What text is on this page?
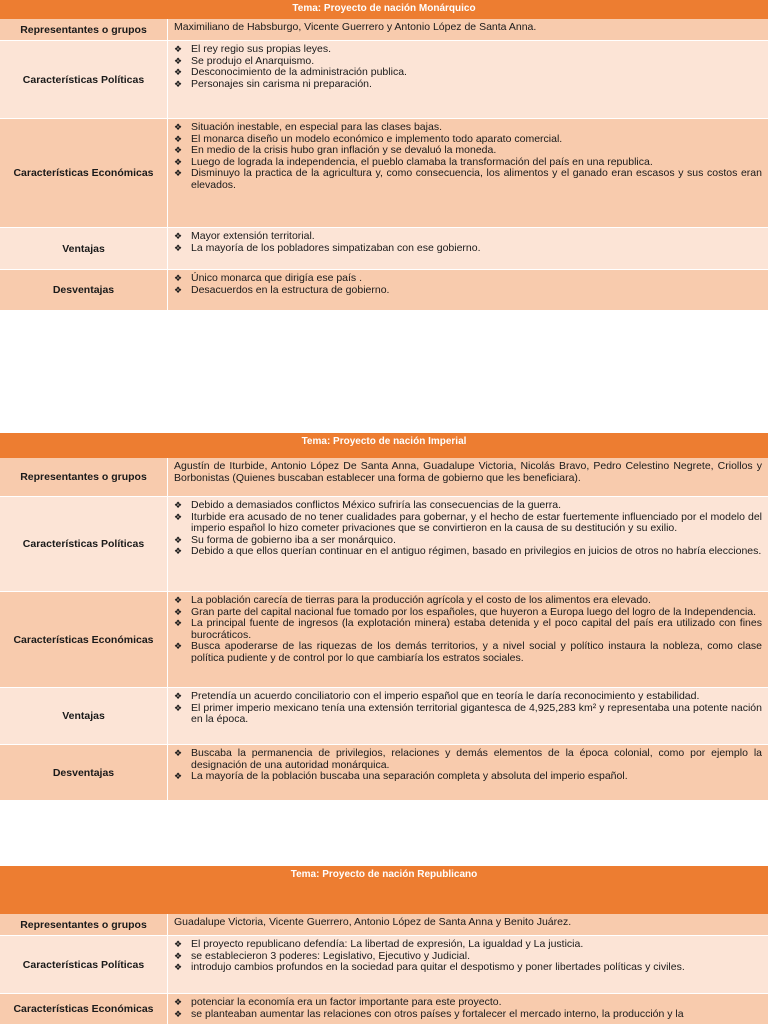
Tema: Proyecto de nación Monárquico
Representantes o grupos	Maximiliano de Habsburgo, Vicente Guerrero y Antonio López de Santa Anna.
Características Políticas
❖ El rey regio sus propias leyes.
❖ Se produjo el Anarquismo.
❖ Desconocimiento de la administración publica.
❖ Personajes sin carisma ni preparación.
Características Económicas
❖ Situación inestable, en especial para las clases bajas.
❖ El monarca diseño un modelo económico e implemento todo aparato comercial.
❖ En medio de la crisis hubo gran inflación y se devaluó la moneda.
❖ Luego de lograda la independencia, el pueblo clamaba la transformación del país en una republica.
❖ Disminuyo la practica de la agricultura y, como consecuencia, los alimentos y el ganado eran escasos y sus costos eran elevados.
Ventajas
❖ Mayor extensión territorial.
❖ La mayoría de los pobladores simpatizaban con ese gobierno.
Desventajas
❖ Único monarca que dirigía ese país .
❖ Desacuerdos en la estructura de gobierno.
Tema: Proyecto de nación Imperial
Representantes o grupos
Agustín de Iturbide, Antonio López De Santa Anna, Guadalupe Victoria, Nicolás Bravo, Pedro Celestino Negrete, Criollos y Borbonistas (Quienes buscaban establecer una forma de gobierno que les beneficiara).
Características Políticas
❖ Debido a demasiados conflictos México sufriría las consecuencias de la guerra.
❖ Iturbide era acusado de no tener cualidades para gobernar, y el hecho de estar fuertemente influenciado por el modelo del imperio español lo hizo cometer privaciones que se convirtieron en la causa de su destitución y su exilio.
❖ Su forma de gobierno iba a ser monárquico.
❖ Debido a que ellos querían continuar en el antiguo régimen, basado en privilegios en juicios de otros no habría elecciones.
Características Económicas
❖ La población carecía de tierras para la producción agrícola y el costo de los alimentos era elevado.
❖ Gran parte del capital nacional fue tomado por los españoles, que huyeron a Europa luego del logro de la Independencia.
❖ La principal fuente de ingresos (la explotación minera) estaba detenida y el poco capital del país era utilizado con fines burocráticos.
❖ Busca apoderarse de las riquezas de los demás territorios, y a nivel social y político instaura la nobleza, como clase política pudiente y de control por lo que cambiaría los estratos sociales.
Ventajas
❖ Pretendía un acuerdo conciliatorio con el imperio español que en teoría le daría reconocimiento y estabilidad.
❖ El primer imperio mexicano tenía una extensión territorial gigantesca de 4,925,283 km² y representaba una potente nación en la época.
Desventajas
❖ Buscaba la permanencia de privilegios, relaciones y demás elementos de la época colonial, como por ejemplo la designación de una autoridad monárquica.
❖ La mayoría de la población buscaba una separación completa y absoluta del imperio español.
Tema: Proyecto de nación Republicano
Representantes o grupos	Guadalupe Victoria, Vicente Guerrero, Antonio López de Santa Anna y Benito Juárez.
Características Políticas
❖ El proyecto republicano defendía: La libertad de expresión, La igualdad y La justicia.
❖ se establecieron 3 poderes: Legislativo, Ejecutivo y Judicial.
❖ introdujo cambios profundos en la sociedad para quitar el despotismo y poner libertades políticas y civiles.
Características Económicas
❖ potenciar la economía era un factor importante para este proyecto.
❖ se planteaban aumentar las relaciones con otros países y fortalecer el mercado interno, la producción y la
